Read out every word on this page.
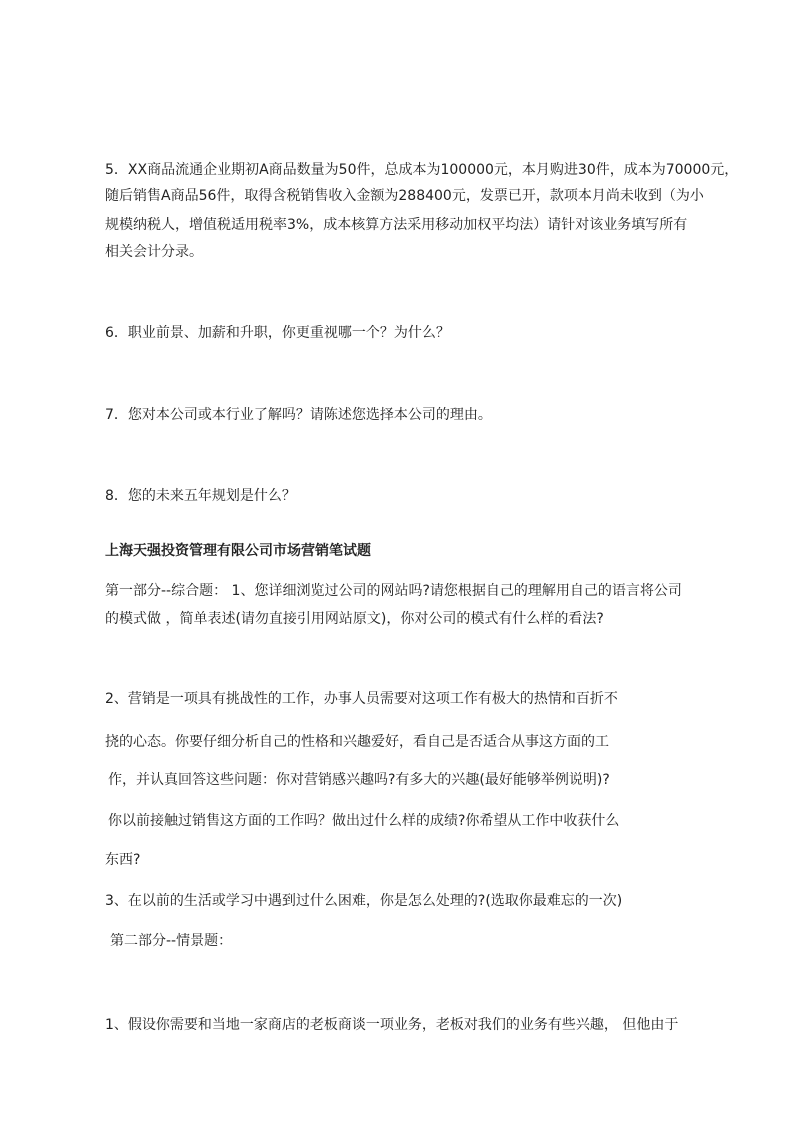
5．XX商品流通企业期初A商品数量为50件，总成本为100000元，本月购进30件，成本为70000元，
随后销售A商品56件，取得含税销售收入金额为288400元，发票已开，款项本月尚未收到（为小
规模纳税人，增值税适用税率3%，成本核算方法采用移动加权平均法）请针对该业务填写所有
相关会计分录。
6．职业前景、加薪和升职，你更重视哪一个？为什么？
7．您对本公司或本行业了解吗？请陈述您选择本公司的理由。
8．您的未来五年规划是什么？
上海天强投资管理有限公司市场营销笔试题
第一部分--综合题： 1、您详细浏览过公司的网站吗?请您根据自己的理解用自己的语言将公司
的模式做 ，简单表述(请勿直接引用网站原文)，你对公司的模式有什么样的看法?
2、营销是一项具有挑战性的工作，办事人员需要对这项工作有极大的热情和百折不
挠的心态。你要仔细分析自己的性格和兴趣爱好，看自己是否适合从事这方面的工
作，并认真回答这些问题：你对营销感兴趣吗?有多大的兴趣(最好能够举例说明)?
你以前接触过销售这方面的工作吗？做出过什么样的成绩?你希望从工作中收获什么
东西?
3、在以前的生活或学习中遇到过什么困难，你是怎么处理的?(选取你最难忘的一次)
第二部分--情景题：
1、假设你需要和当地一家商店的老板商谈一项业务，老板对我们的业务有些兴趣， 但他由于
